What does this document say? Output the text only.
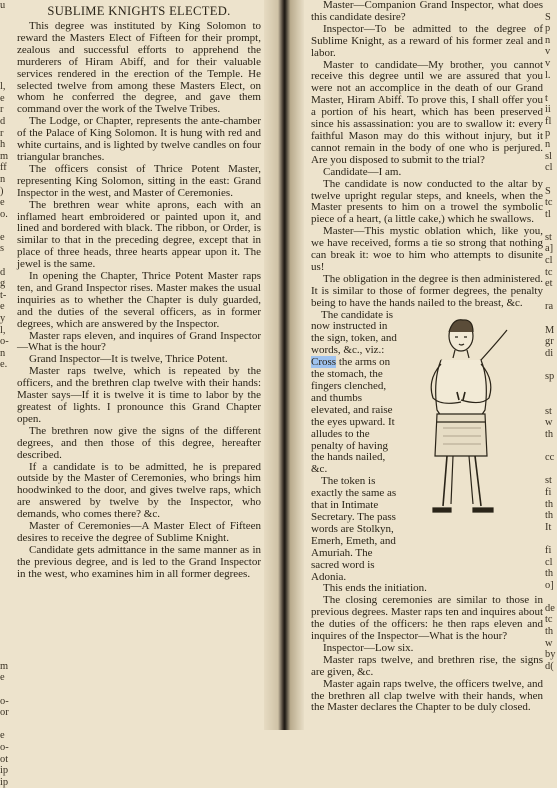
u
l,
e
r
d
r
h
m
ff
n
)
e
o.
e
s
d
g
t-
e
y
l,
o-
n
e.
m
e
o-
or
e
o-
ot
ip
ip
SUBLIME KNIGHTS ELECTED.

This degree was instituted by King Solomon to reward the Masters Elect of Fifteen for their prompt, zealous and successful efforts to apprehend the murderers of Hiram Abiff, and for their valuable services rendered in the erection of the Temple. He selected twelve from among these Masters Elect, on whom he conferred the degree, and gave them command over the work of the Twelve Tribes.

The Lodge, or Chapter, represents the ante-chamber of the Palace of King Solomon. It is hung with red and white curtains, and is lighted by twelve candles on four triangular branches.

The officers consist of Thrice Potent Master, representing King Solomon, sitting in the east: Grand Inspector in the west, and Master of Ceremonies.

The brethren wear white aprons, each with an inflamed heart embroidered or painted upon it, and lined and bordered with black. The ribbon, or Order, is similar to that in the preceding degree, except that in place of three heads, three hearts appear upon it. The jewel is the same.

In opening the Chapter, Thrice Potent Master raps ten, and Grand Inspector rises. Master makes the usual inquiries as to whether the Chapter is duly guarded, and the duties of the several officers, as in former degrees, which are answered by the Inspector.

Master raps eleven, and inquires of Grand Inspector—What is the hour?

Grand Inspector—It is twelve, Thrice Potent.

Master raps twelve, which is repeated by the officers, and the brethren clap twelve with their hands: Master says—If it is twelve it is time to labor by the greatest of lights. I pronounce this Grand Chapter open.

The brethren now give the signs of the different degrees, and then those of this degree, hereafter described.

If a candidate is to be admitted, he is prepared outside by the Master of Ceremonies, who brings him hoodwinked to the door, and gives twelve raps, which are answered by twelve by the Inspector, who demands, who comes there? &c.

Master of Ceremonies—A Master Elect of Fifteen desires to receive the degree of Sublime Knight.

Candidate gets admittance in the same manner as in the previous degree, and is led to the Grand Inspector in the west, who examines him in all former degrees.

Master—Companion Grand Inspector, what does this candidate desire?

Inspector—To be admitted to the degree of Sublime Knight, as a reward of his former zeal and labor.

Master to candidate—My brother, you cannot receive this degree until we are assured that you were not an accomplice in the death of our Grand Master, Hiram Abiff. To prove this, I shall offer you a portion of his heart, which has been preserved since his assassination: you are to swallow it: every faithful Mason may do this without injury, but it cannot remain in the body of one who is perjured. Are you disposed to submit to the trial?

Candidate—I am.

The candidate is now conducted to the altar by twelve upright regular steps, and kneels, when the Master presents to him on a trowel the symbolic piece of a heart, (a little cake,) which he swallows.

Master—This mystic oblation which, like you, we have received, forms a tie so strong that nothing can break it: woe to him who attempts to disunite us!

The obligation in the degree is then administered. It is similar to those of former degrees, the penalty being to have the hands nailed to the breast, &c.

The candidate is now instructed in the sign, token, and words, &c., viz.: Cross the arms on the stomach, the fingers clenched, and thumbs elevated, and raise the eyes upward. It alludes to the penalty of having the hands nailed, &c.

The token is exactly the same as that in Intimate Secretary. The pass words are Stolkyn, Emerh, Emeth, and Amuriah. The sacred word is Adonia.

This ends the initiation.

The closing ceremonies are similar to those in previous degrees. Master raps ten and inquires about the duties of the officers: he then raps eleven and inquires of the Inspector—What is the hour?

Inspector—Low six.

Master raps twelve, and brethren rise, the signs are given, &c.

Master again raps twelve, the officers twelve, and the brethren all clap twelve with their hands, when the Master declares the Chapter to be duly closed.

S
p
n
v
v
l.
t
ii
fl
p
n
sl
cl
S
tc
tl
st
a]
cl
tc
et
ra
M
gr
di
sp
st
w
th
cc
st
fi
th
th
It
fi
cl
th
o]
de
tc
th
w
by
d(
